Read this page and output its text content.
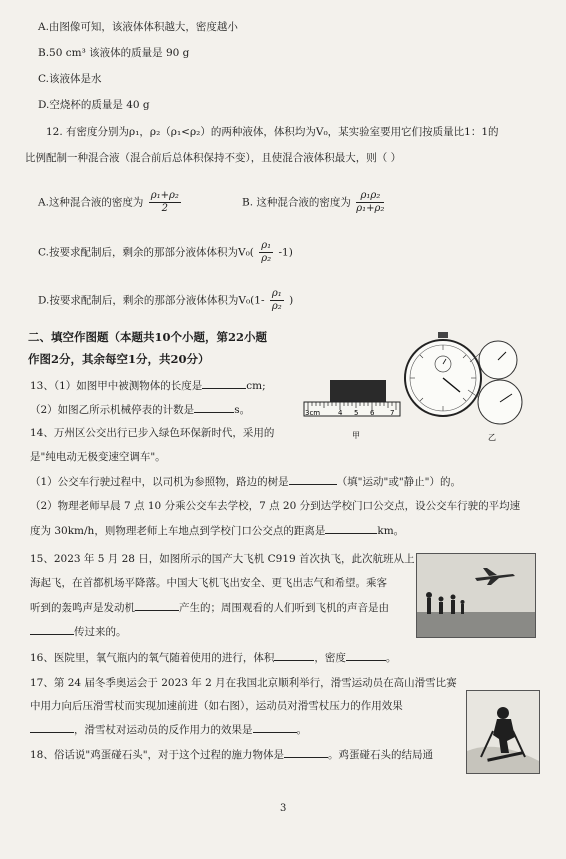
A.由图像可知，该液体体积越大，密度越小
B.50 cm³ 该液体的质量是 90 g
C.该液体是水
D.空烧杯的质量是 40 g
12. 有密度分别为ρ₁，ρ₂（ρ₁<ρ₂）的两种液体，体积均为V₀，某实验室要用它们按质量比1：1的
比例配制一种混合液（混合前后总体积保持不变），且使混合液体积最大，则（ ）
A.这种混合液的密度为 $\frac{\text{ρ₁+ρ₂}}{2}$	B. 这种混合液的密度为 $\frac{\text{ρ₁ρ₂}}{\text{ρ₁+ρ₂}}$
C.按要求配制后，剩余的那部分液体体积为$V_0( \frac{\text{ρ₁}}{\text{ρ₂}} -1)$
D.按要求配制后，剩余的那部分液体体积为$V_0(1- \frac{\text{ρ₁}}{\text{ρ₂}}$ )
二、填空作图题（本题共10个小题，第22小题
作图2分，其余每空1分，共20分）
13、（1）如图甲中被测物体的长度是	cm;
（2）如图乙所示机械停表的计数是	s。	3cm	4 5 6 7
甲	乙
14、万州区公交出行已步入绿色环保新时代，采用的
是"纯电动无极变速空调车"。
（1）公交车行驶过程中，以司机为参照物，路边的树是	（填"运动"或"静止"）的。
（2）物理老师早晨 7 点 10 分乘公交车去学校，7 点 20 分到达学校门口公交点，设公交车行驶的平均速
度为 30km/h，则物理老师上车地点到学校门口公交点的距离是	km。
15、2023 年 5 月 28 日，如图所示的国产大飞机 C919 首次执飞，此次航班从上
海起飞，在首都机场平降落。中国大飞机飞出安全、更飞出志气和希望。乘客
听到的轰鸣声是发动机	产生的；周围观看的人们听到飞机的声音是由
传过来的。
16、医院里，氧气瓶内的氧气随着使用的进行，体积	，密度	。
17、第 24 届冬季奥运会于 2023 年 2 月在我国北京顺利举行，滑雪运动员在高山滑雪比赛
中用力向后压滑雪杖而实现加速前进（如右图），运动员对滑雪杖压力的作用效果
，滑雪杖对运动员的反作用力的效果是	。
18、俗话说"鸡蛋碰石头"，对于这个过程的施力物体是	。鸡蛋碰石头的结局通
3
